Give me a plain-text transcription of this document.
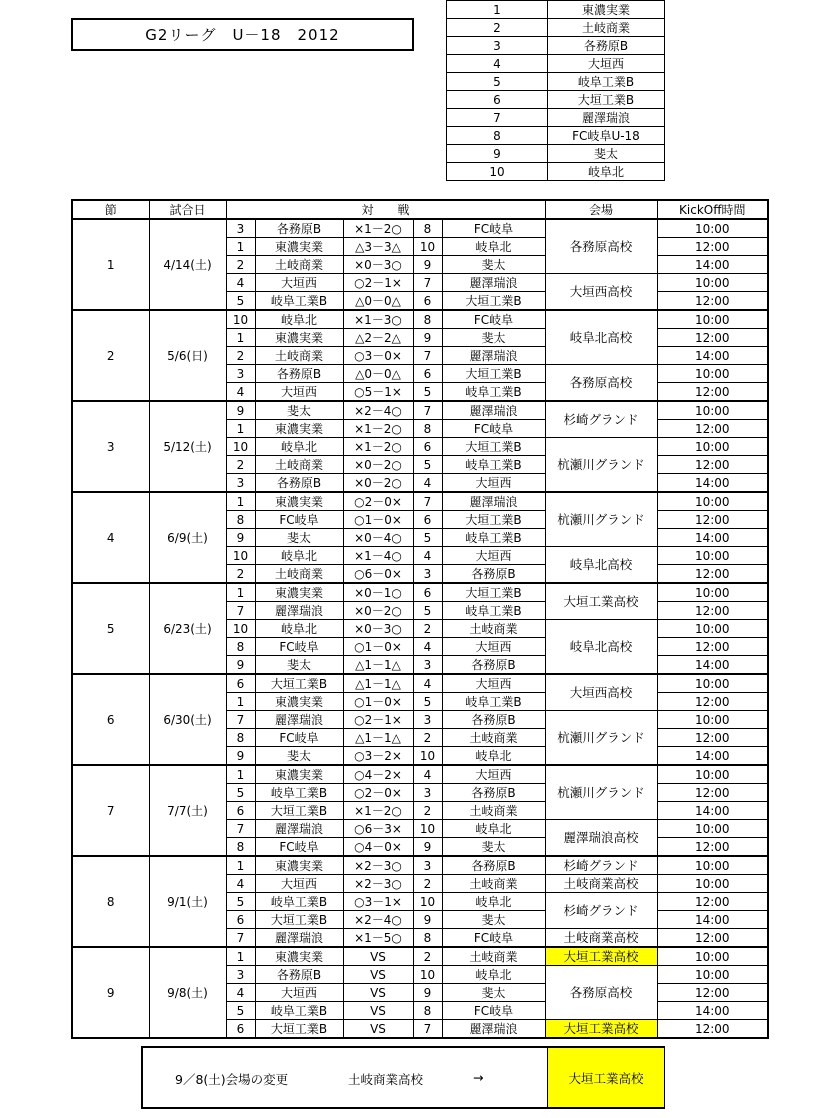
G2リーグ　U－18　2012
1	東濃実業
2	土岐商業
3	各務原B
4	大垣西
5	岐阜工業B
6	大垣工業B
7	麗澤瑞浪
8	FC岐阜U-18
9	斐太
10	岐阜北
節	試合日	対　　戦					会場	KickOff時間
1	4/14(土)	3	各務原B	×1－2○	8	FC岐阜	各務原高校	10:00
		1	東濃実業	△3－3△	10	岐阜北		12:00
		2	土岐商業	×0－3○	9	斐太		14:00
		4	大垣西	○2－1×	7	麗澤瑞浪	大垣西高校	10:00
		5	岐阜工業B	△0－0△	6	大垣工業B		12:00
2	5/6(日)	10	岐阜北	×1－3○	8	FC岐阜	岐阜北高校	10:00
		1	東濃実業	△2－2△	9	斐太		12:00
		2	土岐商業	○3－0×	7	麗澤瑞浪		14:00
		3	各務原B	△0－0△	6	大垣工業B	各務原高校	10:00
		4	大垣西	○5－1×	5	岐阜工業B		12:00
3	5/12(土)	9	斐太	×2－4○	7	麗澤瑞浪	杉崎グランド	10:00
		1	東濃実業	×1－2○	8	FC岐阜		12:00
		10	岐阜北	×1－2○	6	大垣工業B	杭瀬川グランド	10:00
		2	土岐商業	×0－2○	5	岐阜工業B		12:00
		3	各務原B	×0－2○	4	大垣西		14:00
4	6/9(土)	1	東濃実業	○2－0×	7	麗澤瑞浪	杭瀬川グランド	10:00
		8	FC岐阜	○1－0×	6	大垣工業B		12:00
		9	斐太	×0－4○	5	岐阜工業B		14:00
		10	岐阜北	×1－4○	4	大垣西	岐阜北高校	10:00
		2	土岐商業	○6－0×	3	各務原B		12:00
5	6/23(土)	1	東濃実業	×0－1○	6	大垣工業B	大垣工業高校	10:00
		7	麗澤瑞浪	×0－2○	5	岐阜工業B		12:00
		10	岐阜北	×0－3○	2	土岐商業	岐阜北高校	10:00
		8	FC岐阜	○1－0×	4	大垣西		12:00
		9	斐太	△1－1△	3	各務原B		14:00
6	6/30(土)	6	大垣工業B	△1－1△	4	大垣西	大垣西高校	10:00
		1	東濃実業	○1－0×	5	岐阜工業B		12:00
		7	麗澤瑞浪	○2－1×	3	各務原B	杭瀬川グランド	10:00
		8	FC岐阜	△1－1△	2	土岐商業		12:00
		9	斐太	○3－2×	10	岐阜北		14:00
7	7/7(土)	1	東濃実業	○4－2×	4	大垣西	杭瀬川グランド	10:00
		5	岐阜工業B	○2－0×	3	各務原B		12:00
		6	大垣工業B	×1－2○	2	土岐商業		14:00
		7	麗澤瑞浪	○6－3×	10	岐阜北	麗澤瑞浪高校	10:00
		8	FC岐阜	○4－0×	9	斐太		12:00
8	9/1(土)	1	東濃実業	×2－3○	3	各務原B	杉崎グランド	10:00
		4	大垣西	×2－3○	2	土岐商業	土岐商業高校	10:00
		5	岐阜工業B	○3－1×	10	岐阜北	杉崎グランド	12:00
		6	大垣工業B	×2－4○	9	斐太		14:00
		7	麗澤瑞浪	×1－5○	8	FC岐阜	土岐商業高校	12:00
9	9/8(土)	1	東濃実業	VS	2	土岐商業	大垣工業高校	10:00
		3	各務原B	VS	10	岐阜北	各務原高校	10:00
		4	大垣西	VS	9	斐太		12:00
		5	岐阜工業B	VS	8	FC岐阜		14:00
		6	大垣工業B	VS	7	麗澤瑞浪	大垣工業高校	12:00
9／8(土)会場の変更	土岐商業高校	→	大垣工業高校
